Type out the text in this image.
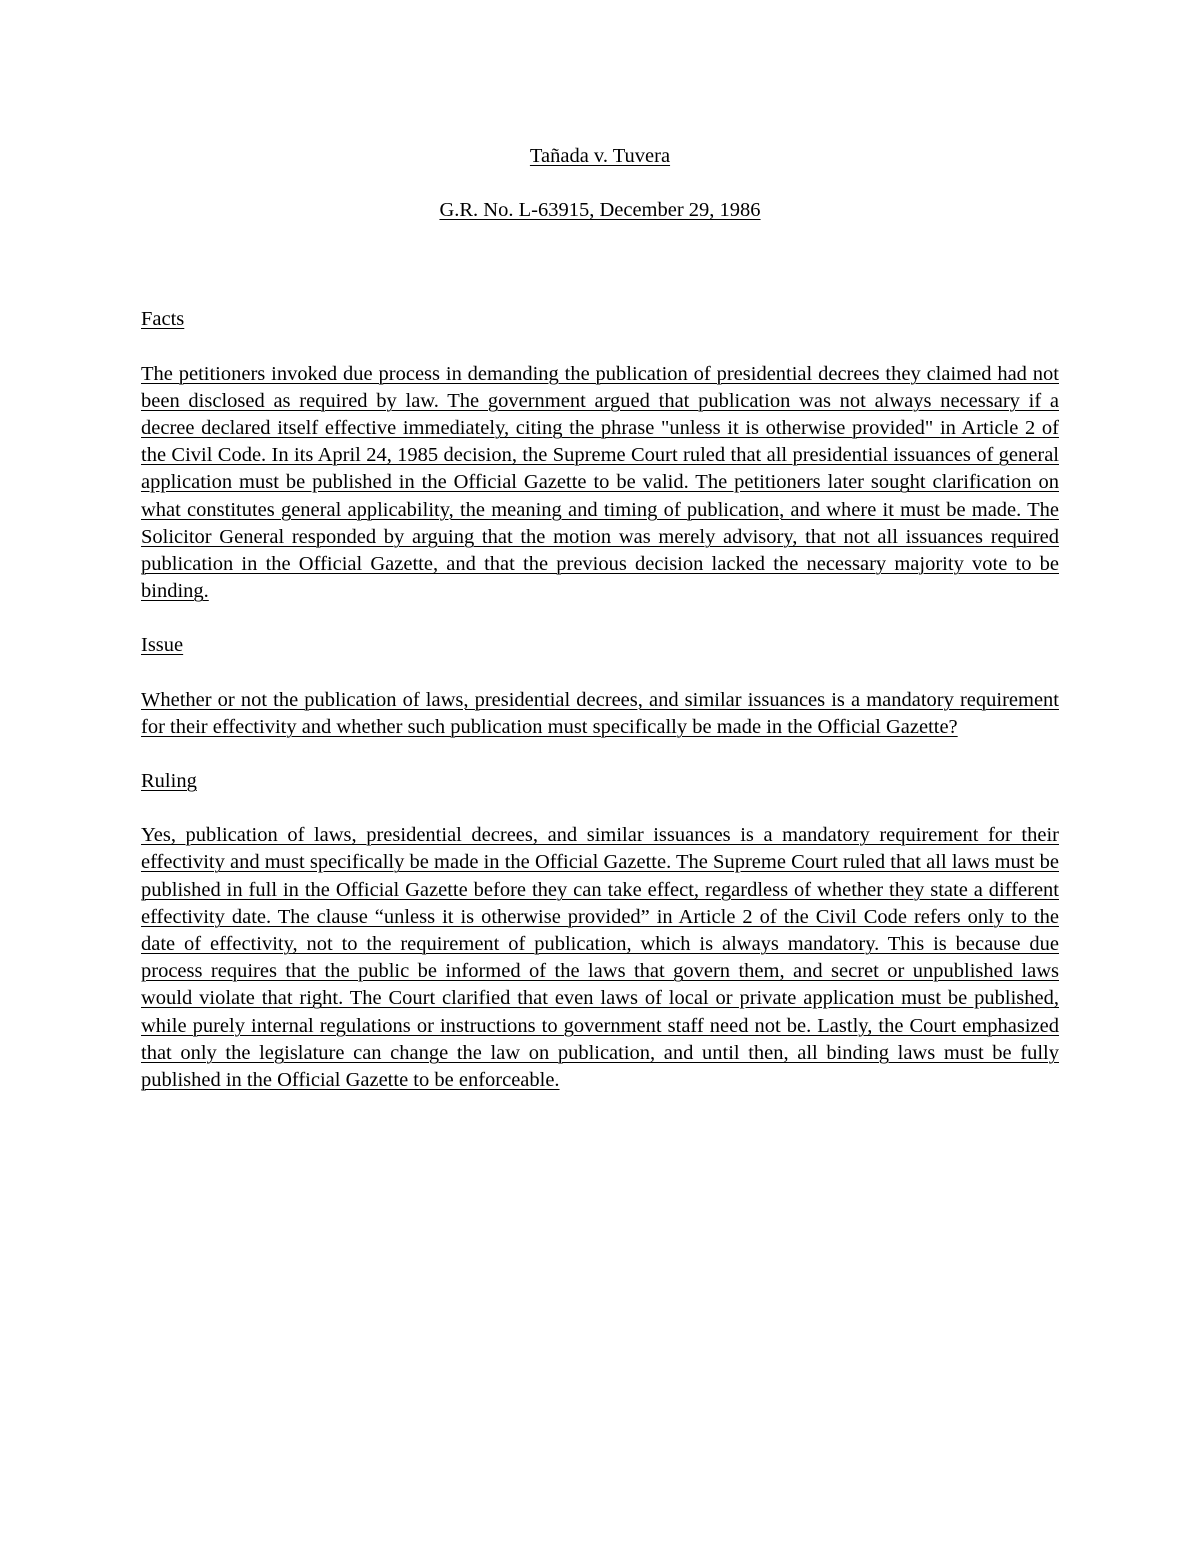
Tañada v. Tuvera

G.R. No. L-63915, December 29, 1986

Facts

The petitioners invoked due process in demanding the publication of presidential decrees they claimed had not been disclosed as required by law. The government argued that publication was not always necessary if a decree declared itself effective immediately, citing the phrase "unless it is otherwise provided" in Article 2 of the Civil Code. In its April 24, 1985 decision, the Supreme Court ruled that all presidential issuances of general application must be published in the Official Gazette to be valid. The petitioners later sought clarification on what constitutes general applicability, the meaning and timing of publication, and where it must be made. The Solicitor General responded by arguing that the motion was merely advisory, that not all issuances required publication in the Official Gazette, and that the previous decision lacked the necessary majority vote to be binding.

Issue

Whether or not the publication of laws, presidential decrees, and similar issuances is a mandatory requirement for their effectivity and whether such publication must specifically be made in the Official Gazette?

Ruling

Yes, publication of laws, presidential decrees, and similar issuances is a mandatory requirement for their effectivity and must specifically be made in the Official Gazette. The Supreme Court ruled that all laws must be published in full in the Official Gazette before they can take effect, regardless of whether they state a different effectivity date. The clause “unless it is otherwise provided” in Article 2 of the Civil Code refers only to the date of effectivity, not to the requirement of publication, which is always mandatory. This is because due process requires that the public be informed of the laws that govern them, and secret or unpublished laws would violate that right. The Court clarified that even laws of local or private application must be published, while purely internal regulations or instructions to government staff need not be. Lastly, the Court emphasized that only the legislature can change the law on publication, and until then, all binding laws must be fully published in the Official Gazette to be enforceable.
